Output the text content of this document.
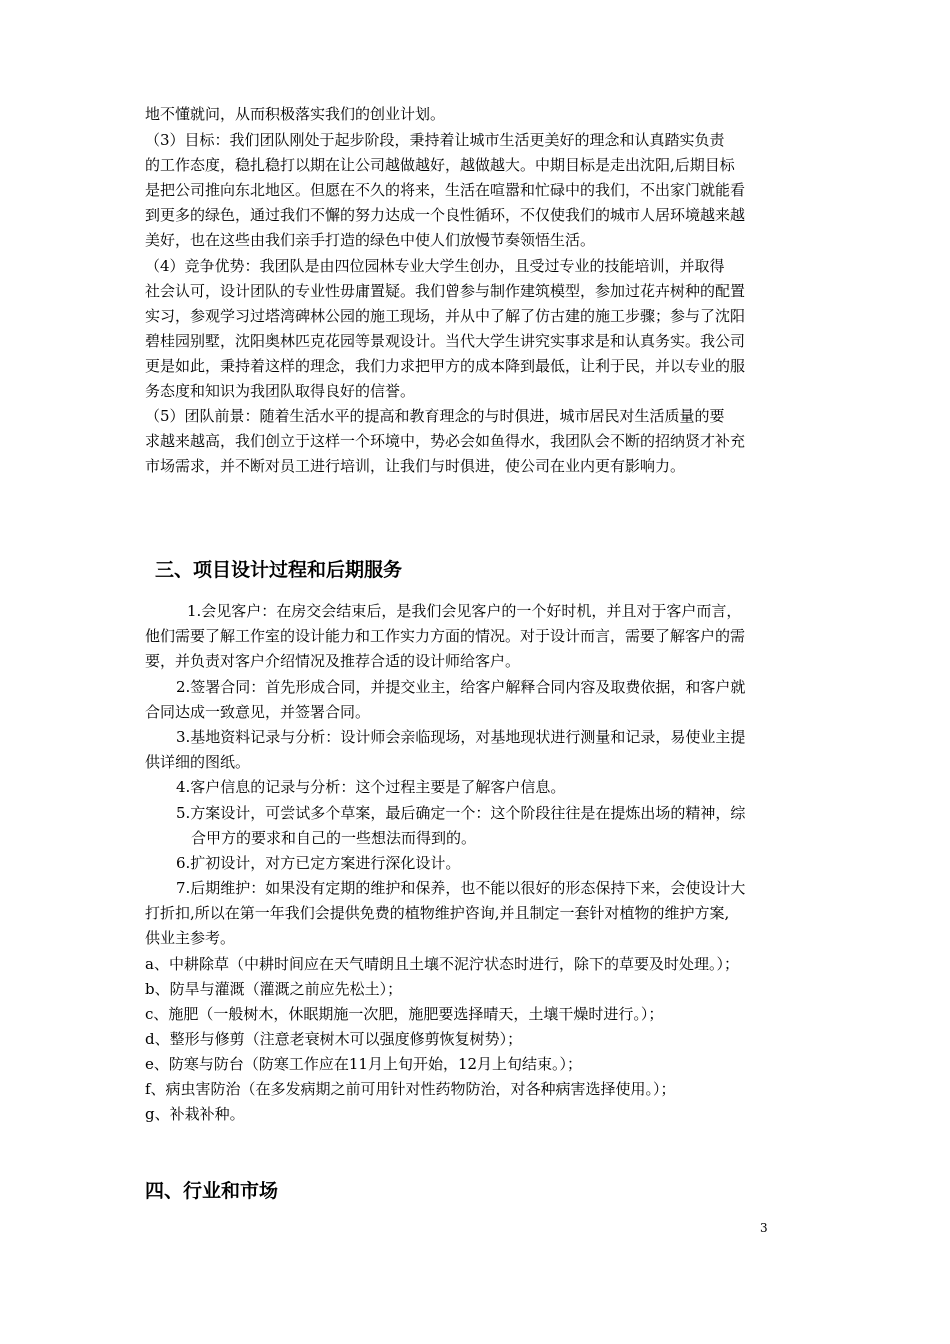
地不懂就问，从而积极落实我们的创业计划。
（3）目标：我们团队刚处于起步阶段，秉持着让城市生活更美好的理念和认真踏实负责
的工作态度，稳扎稳打以期在让公司越做越好，越做越大。中期目标是走出沈阳,后期目标
是把公司推向东北地区。但愿在不久的将来，生活在喧嚣和忙碌中的我们，不出家门就能看
到更多的绿色，通过我们不懈的努力达成一个良性循环，不仅使我们的城市人居环境越来越
美好，也在这些由我们亲手打造的绿色中使人们放慢节奏领悟生活。
（4）竞争优势：我团队是由四位园林专业大学生创办，且受过专业的技能培训，并取得
社会认可，设计团队的专业性毋庸置疑。我们曾参与制作建筑模型，参加过花卉树种的配置
实习，参观学习过塔湾碑林公园的施工现场，并从中了解了仿古建的施工步骤；参与了沈阳
碧桂园别墅，沈阳奥林匹克花园等景观设计。当代大学生讲究实事求是和认真务实。我公司
更是如此，秉持着这样的理念，我们力求把甲方的成本降到最低，让利于民，并以专业的服
务态度和知识为我团队取得良好的信誉。
（5）团队前景：随着生活水平的提高和教育理念的与时俱进，城市居民对生活质量的要
求越来越高，我们创立于这样一个环境中，势必会如鱼得水，我团队会不断的招纳贤才补充
市场需求，并不断对员工进行培训，让我们与时俱进，使公司在业内更有影响力。
三、项目设计过程和后期服务
1.会见客户：在房交会结束后，是我们会见客户的一个好时机，并且对于客户而言，
他们需要了解工作室的设计能力和工作实力方面的情况。对于设计而言，需要了解客户的需
要，并负责对客户介绍情况及推荐合适的设计师给客户。
2.签署合同：首先形成合同，并提交业主，给客户解释合同内容及取费依据，和客户就
合同达成一致意见，并签署合同。
3.基地资料记录与分析：设计师会亲临现场，对基地现状进行测量和记录，易使业主提
供详细的图纸。
4.客户信息的记录与分析：这个过程主要是了解客户信息。
5.方案设计，可尝试多个草案，最后确定一个：这个阶段往往是在提炼出场的精神，综
合甲方的要求和自己的一些想法而得到的。
6.扩初设计，对方已定方案进行深化设计。
7.后期维护：如果没有定期的维护和保养，也不能以很好的形态保持下来，会使设计大
打折扣,所以在第一年我们会提供免费的植物维护咨询,并且制定一套针对植物的维护方案,
供业主参考。
a、中耕除草（中耕时间应在天气晴朗且土壤不泥泞状态时进行，除下的草要及时处理。）；
b、防旱与灌溉（灌溉之前应先松土）；
c、施肥（一般树木，休眠期施一次肥，施肥要选择晴天，土壤干燥时进行。）；
d、整形与修剪（注意老衰树木可以强度修剪恢复树势）；
e、防寒与防台（防寒工作应在11月上旬开始，12月上旬结束。）；
f、病虫害防治（在多发病期之前可用针对性药物防治，对各种病害选择使用。）；
g、补栽补种。
四、行业和市场
3
